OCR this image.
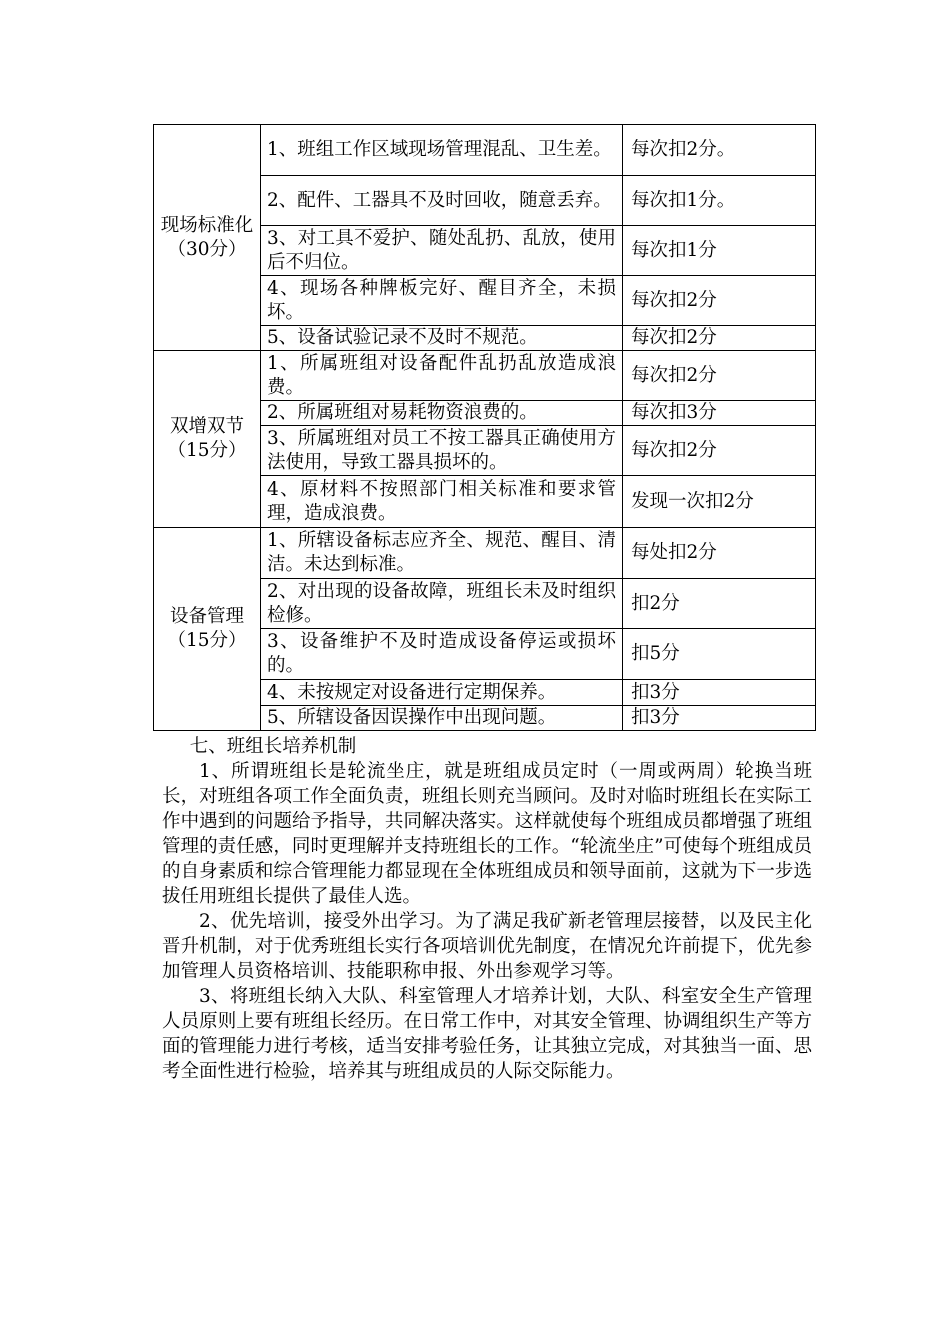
现场标准化
（30分）	1、班组工作区域现场管理混乱、卫生差。	每次扣2分。
	2、配件、工器具不及时回收，随意丢弃。	每次扣1分。
	3、对工具不爱护、随处乱扔、乱放，使用后不归位。	每次扣1分
	4、现场各种牌板完好、醒目齐全，未损坏。	每次扣2分
	5、设备试验记录不及时不规范。	每次扣2分

双增双节
（15分）	1、所属班组对设备配件乱扔乱放造成浪费。	每次扣2分
	2、所属班组对易耗物资浪费的。	每次扣3分
	3、所属班组对员工不按工器具正确使用方法使用，导致工器具损坏的。	每次扣2分
	4、原材料不按照部门相关标准和要求管理，造成浪费。	发现一次扣2分

设备管理
（15分）	1、所辖设备标志应齐全、规范、醒目、清洁。未达到标准。	每处扣2分
	2、对出现的设备故障，班组长未及时组织检修。	扣2分
	3、设备维护不及时造成设备停运或损坏的。	扣5分
	4、未按规定对设备进行定期保养。	扣3分
	5、所辖设备因误操作中出现问题。	扣3分
七、班组长培养机制

1、所谓班组长是轮流坐庄，就是班组成员定时（一周或两周）轮换当班长，对班组各项工作全面负责，班组长则充当顾问。及时对临时班组长在实际工作中遇到的问题给予指导，共同解决落实。这样就使每个班组成员都增强了班组管理的责任感，同时更理解并支持班组长的工作。“轮流坐庄”可使每个班组成员的自身素质和综合管理能力都显现在全体班组成员和领导面前，这就为下一步选拔任用班组长提供了最佳人选。

2、优先培训，接受外出学习。为了满足我矿新老管理层接替，以及民主化晋升机制，对于优秀班组长实行各项培训优先制度，在情况允许前提下，优先参加管理人员资格培训、技能职称申报、外出参观学习等。

3、将班组长纳入大队、科室管理人才培养计划，大队、科室安全生产管理人员原则上要有班组长经历。在日常工作中，对其安全管理、协调组织生产等方面的管理能力进行考核，适当安排考验任务，让其独立完成，对其独当一面、思考全面性进行检验，培养其与班组成员的人际交际能力。
